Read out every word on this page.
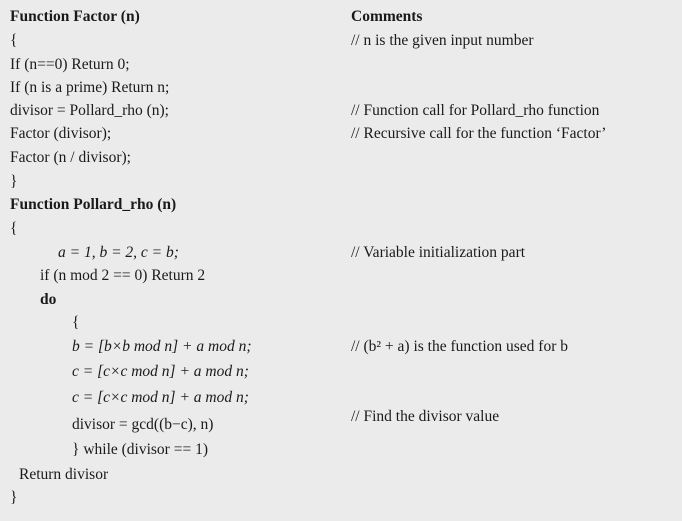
Function Factor (n)
{
If (n==0) Return 0;
If (n is a prime) Return n;
divisor = Pollard_rho (n);
Factor (divisor);
Factor (n / divisor);
}
Function Pollard_rho (n)
{
a = 1, b = 2, c = b;
if (n mod 2 == 0) Return 2
do
{
b = [b×b mod n] + a mod n;
c = [c×c mod n] + a mod n;
c = [c×c mod n] + a mod n;
divisor = gcd((b−c), n)
} while (divisor == 1)
Return divisor
}
Comments
// n is the given input number
// Function call for Pollard_rho function
// Recursive call for the function ‘Factor’
// Variable initialization part
// (b² + a) is the function used for b
// Find the divisor value
